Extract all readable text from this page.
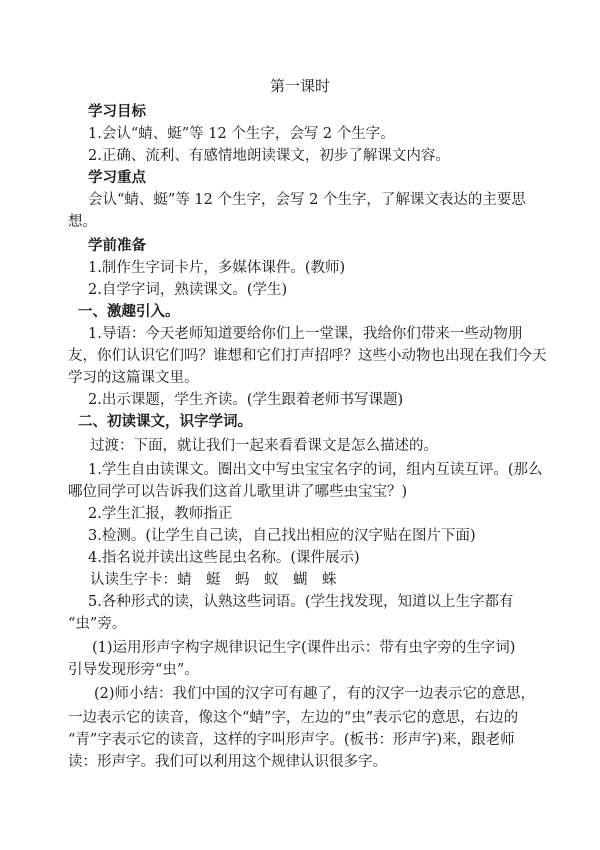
第一课时
学习目标
1.会认“蜻、蜓”等 12 个生字，会写 2 个生字。
2.正确、流利、有感情地朗读课文，初步了解课文内容。
学习重点
会认“蜻、蜓”等 12 个生字，会写 2 个生字，了解课文表达的主要思
想。
学前准备
1.制作生字词卡片，多媒体课件。(教师)
2.自学字词，熟读课文。(学生)
一、激趣引入。
1.导语：今天老师知道要给你们上一堂课，我给你们带来一些动物朋
友，你们认识它们吗？谁想和它们打声招呼？这些小动物也出现在我们今天
学习的这篇课文里。
2.出示课题，学生齐读。(学生跟着老师书写课题)
二、初读课文，识字学词。
过渡：下面，就让我们一起来看看课文是怎么描述的。
1.学生自由读课文。圈出文中写虫宝宝名字的词，组内互读互评。(那么
哪位同学可以告诉我们这首儿歌里讲了哪些虫宝宝？)
2.学生汇报，教师指正
3.检测。(让学生自己读，自己找出相应的汉字贴在图片下面)
4.指名说并读出这些昆虫名称。(课件展示)
认读生字卡：蜻　蜓　蚂　蚁　蝴　蛛
5.各种形式的读，认熟这些词语。(学生找发现，知道以上生字都有
“虫”旁。
(1)运用形声字构字规律识记生字(课件出示：带有虫字旁的生字词)
引导发现形旁“虫”。
(2)师小结：我们中国的汉字可有趣了，有的汉字一边表示它的意思，
一边表示它的读音，像这个“蜻”字，左边的“虫”表示它的意思，右边的
“青”字表示它的读音，这样的字叫形声字。(板书：形声字)来，跟老师
读：形声字。我们可以利用这个规律认识很多字。
